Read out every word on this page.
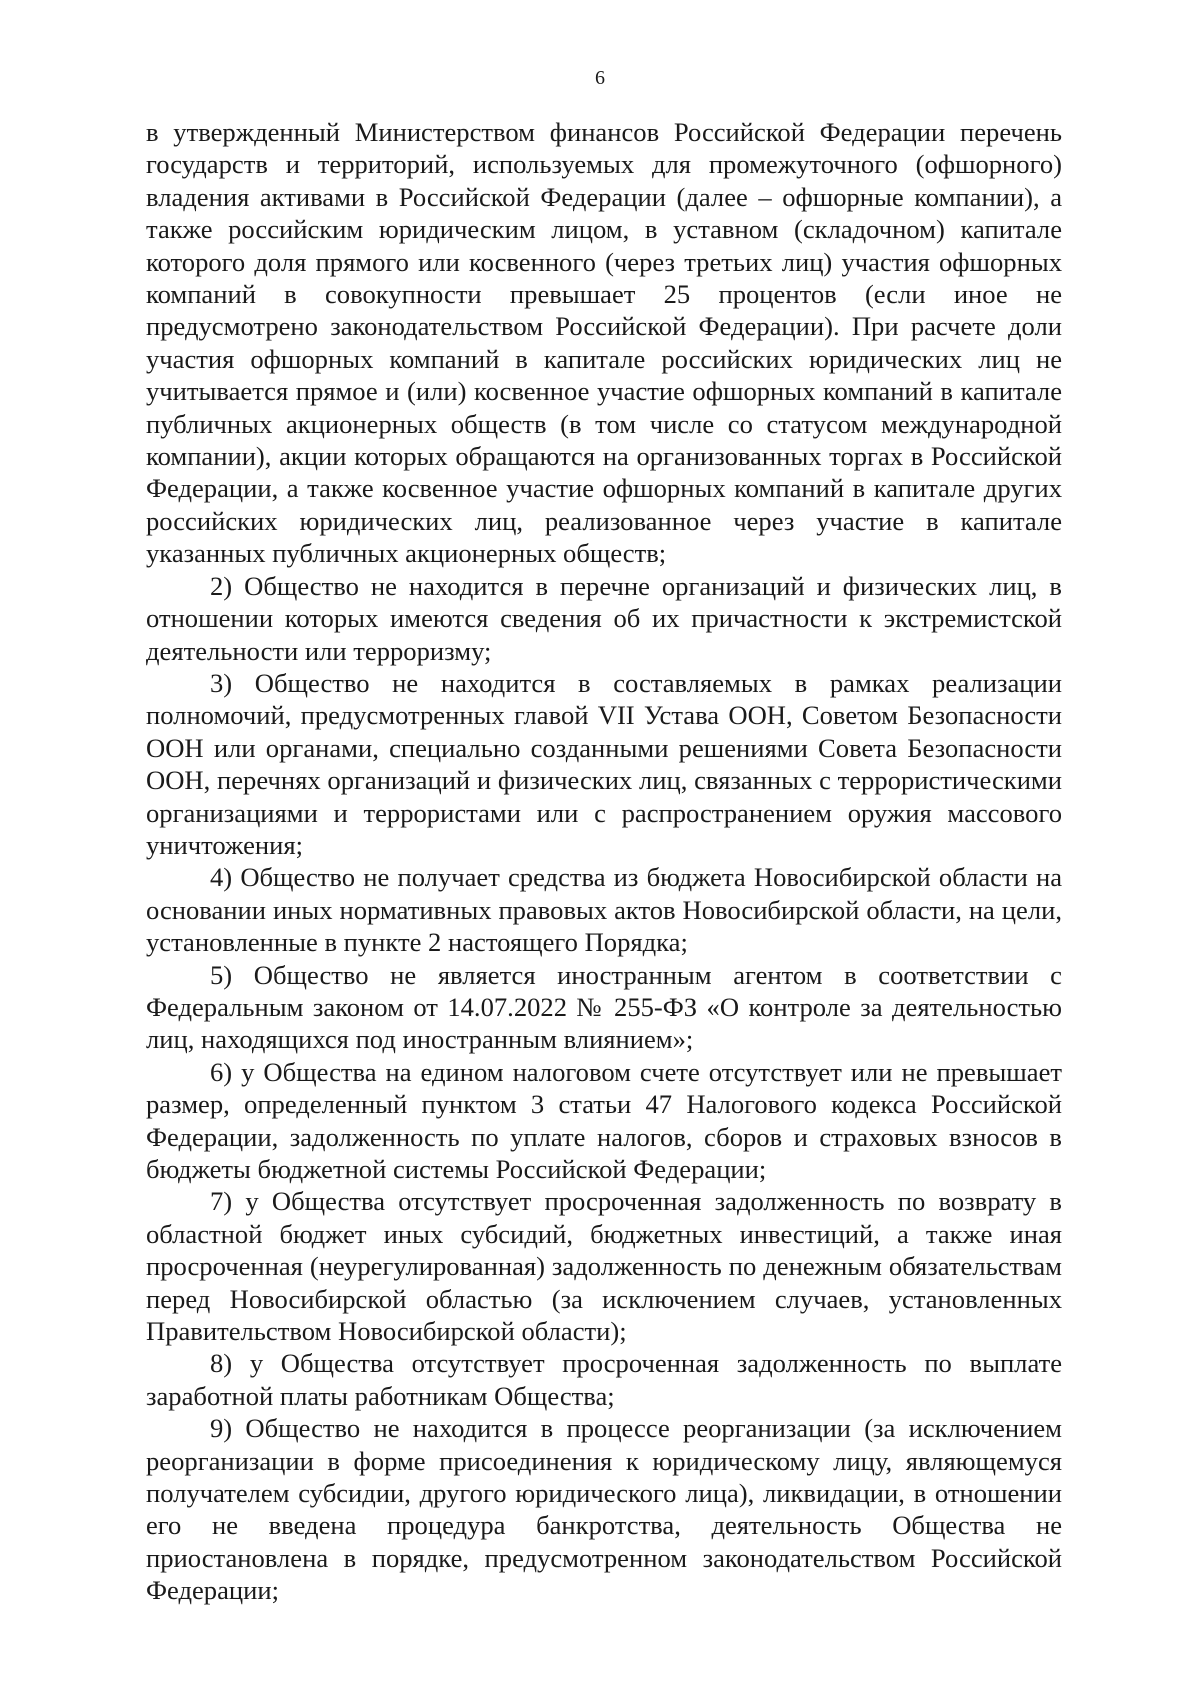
6

в утвержденный Министерством финансов Российской Федерации перечень государств и территорий, используемых для промежуточного (офшорного) владения активами в Российской Федерации (далее – офшорные компании), а также российским юридическим лицом, в уставном (складочном) капитале которого доля прямого или косвенного (через третьих лиц) участия офшорных компаний в совокупности превышает 25 процентов (если иное не предусмотрено законодательством Российской Федерации). При расчете доли участия офшорных компаний в капитале российских юридических лиц не учитывается прямое и (или) косвенное участие офшорных компаний в капитале публичных акционерных обществ (в том числе со статусом международной компании), акции которых обращаются на организованных торгах в Российской Федерации, а также косвенное участие офшорных компаний в капитале других российских юридических лиц, реализованное через участие в капитале указанных публичных акционерных обществ;

2) Общество не находится в перечне организаций и физических лиц, в отношении которых имеются сведения об их причастности к экстремистской деятельности или терроризму;

3) Общество не находится в составляемых в рамках реализации полномочий, предусмотренных главой VII Устава ООН, Советом Безопасности ООН или органами, специально созданными решениями Совета Безопасности ООН, перечнях организаций и физических лиц, связанных с террористическими организациями и террористами или с распространением оружия массового уничтожения;

4) Общество не получает средства из бюджета Новосибирской области на основании иных нормативных правовых актов Новосибирской области, на цели, установленные в пункте 2 настоящего Порядка;

5) Общество не является иностранным агентом в соответствии с Федеральным законом от 14.07.2022 № 255-ФЗ «О контроле за деятельностью лиц, находящихся под иностранным влиянием»;

6) у Общества на едином налоговом счете отсутствует или не превышает размер, определенный пунктом 3 статьи 47 Налогового кодекса Российской Федерации, задолженность по уплате налогов, сборов и страховых взносов в бюджеты бюджетной системы Российской Федерации;

7) у Общества отсутствует просроченная задолженность по возврату в областной бюджет иных субсидий, бюджетных инвестиций, а также иная просроченная (неурегулированная) задолженность по денежным обязательствам перед Новосибирской областью (за исключением случаев, установленных Правительством Новосибирской области);

8) у Общества отсутствует просроченная задолженность по выплате заработной платы работникам Общества;

9) Общество не находится в процессе реорганизации (за исключением реорганизации в форме присоединения к юридическому лицу, являющемуся получателем субсидии, другого юридического лица), ликвидации, в отношении его не введена процедура банкротства, деятельность Общества не приостановлена в порядке, предусмотренном законодательством Российской Федерации;
